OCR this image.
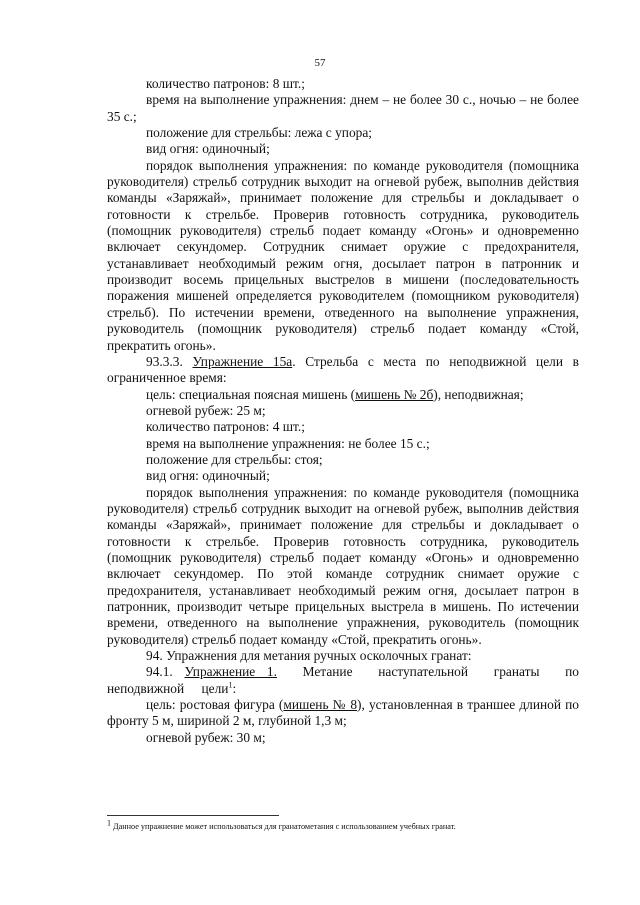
57

количество патронов: 8 шт.;

время на выполнение упражнения: днем – не более 30 с., ночью – не более 35 с.;

положение для стрельбы: лежа с упора;

вид огня: одиночный;

порядок выполнения упражнения: по команде руководителя (помощника руководителя) стрельб сотрудник выходит на огневой рубеж, выполнив действия команды «Заряжай», принимает положение для стрельбы и докладывает о готовности к стрельбе. Проверив готовность сотрудника, руководитель (помощник руководителя) стрельб подает команду «Огонь» и одновременно включает секундомер. Сотрудник снимает оружие с предохранителя, устанавливает необходимый режим огня, досылает патрон в патронник и производит восемь прицельных выстрелов в мишени (последовательность поражения мишеней определяется руководителем (помощником руководителя) стрельб). По истечении времени, отведенного на выполнение упражнения, руководитель (помощник руководителя) стрельб подает команду «Стой, прекратить огонь».

93.3.3. Упражнение 15а. Стрельба с места по неподвижной цели в ограниченное время:

цель: специальная поясная мишень (мишень № 2б), неподвижная;

огневой рубеж: 25 м;

количество патронов: 4 шт.;

время на выполнение упражнения: не более 15 с.;

положение для стрельбы: стоя;

вид огня: одиночный;

порядок выполнения упражнения: по команде руководителя (помощника руководителя) стрельб сотрудник выходит на огневой рубеж, выполнив действия команды «Заряжай», принимает положение для стрельбы и докладывает о готовности к стрельбе. Проверив готовность сотрудника, руководитель (помощник руководителя) стрельб подает команду «Огонь» и одновременно включает секундомер. По этой команде сотрудник снимает оружие с предохранителя, устанавливает необходимый режим огня, досылает патрон в патронник, производит четыре прицельных выстрела в мишень. По истечении времени, отведенного на выполнение упражнения, руководитель (помощник руководителя) стрельб подает команду «Стой, прекратить огонь».

94. Упражнения для метания ручных осколочных гранат:

94.1. Упражнение 1. Метание наступательной гранаты по неподвижной цели$^1$:

цель: ростовая фигура (мишень № 8), установленная в траншее длиной по фронту 5 м, шириной 2 м, глубиной 1,3 м;

огневой рубеж: 30 м;

$^1$ Данное упражнение может использоваться для гранатометания с использованием учебных гранат.
